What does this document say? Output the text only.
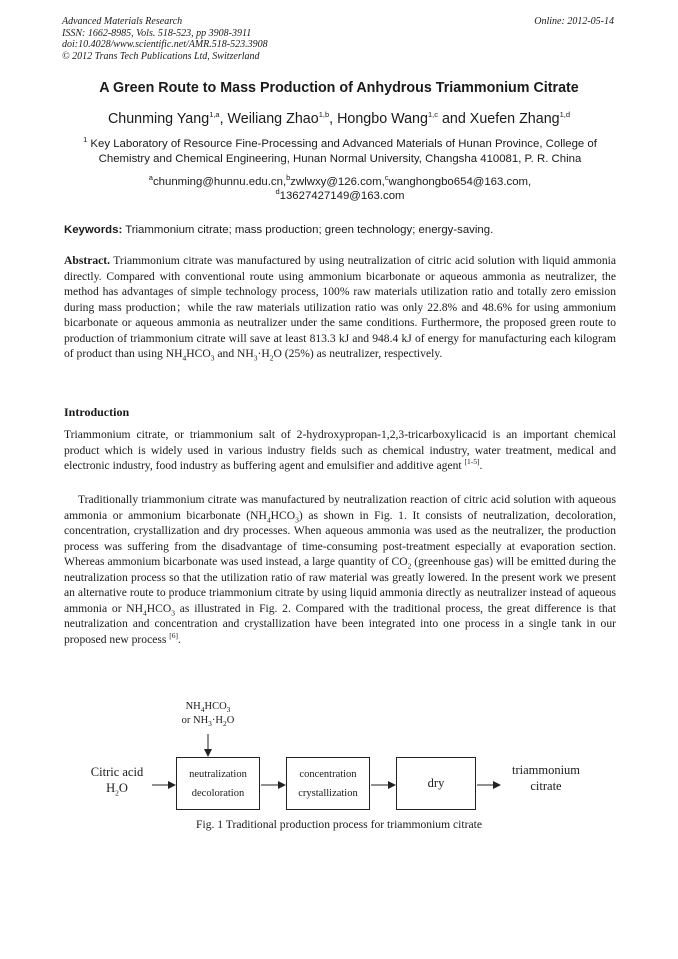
Advanced Materials Research
ISSN: 1662-8985, Vols. 518-523, pp 3908-3911
doi:10.4028/www.scientific.net/AMR.518-523.3908
© 2012 Trans Tech Publications Ltd, Switzerland
Online: 2012-05-14
A Green Route to Mass Production of Anhydrous Triammonium Citrate
Chunming Yang$^{1,a}$, Weiliang Zhao$^{1,b}$, Hongbo Wang$^{1,c}$ and Xuefen Zhang$^{1,d}$
$^1$ Key Laboratory of Resource Fine-Processing and Advanced Materials of Hunan Province, College of Chemistry and Chemical Engineering, Hunan Normal University, Changsha 410081, P. R. China
$^a$chunming@hunnu.edu.cn,$^b$zwlwxy@126.com,$^c$wanghongbo654@163.com,
$^d$13627427149@163.com
Keywords: Triammonium citrate; mass production; green technology; energy-saving.
Abstract. Triammonium citrate was manufactured by using neutralization of citric acid solution with liquid ammonia directly. Compared with conventional route using ammonium bicarbonate or aqueous ammonia as neutralizer, the method has advantages of simple technology process, 100% raw materials utilization ratio and totally zero emission during mass production；while the raw materials utilization ratio was only 22.8% and 48.6% for using ammonium bicarbonate or aqueous ammonia as neutralizer under the same conditions. Furthermore, the proposed green route to production of triammonium citrate will save at least 813.3 kJ and 948.4 kJ of energy for manufacturing each kilogram of product than using $NH_4HCO_3$ and $NH_3\cdot H_2O$ (25%) as neutralizer, respectively.
Introduction
Triammonium citrate, or triammonium salt of 2-hydroxypropan-1,2,3-tricarboxylicacid is an important chemical product which is widely used in various industry fields such as chemical industry, water treatment, medical and electronic industry, food industry as buffering agent and emulsifier and additive agent [1-5].
Traditionally triammonium citrate was manufactured by neutralization reaction of citric acid solution with aqueous ammonia or ammonium bicarbonate $(NH_4HCO_3)$ as shown in Fig. 1. It consists of neutralization, decoloration, concentration, crystallization and dry processes. When aqueous ammonia was used as the neutralizer, the production process was suffering from the disadvantage of time-consuming post-treatment especially at evaporation section. Whereas ammonium bicarbonate was used instead, a large quantity of $CO_2$ (greenhouse gas) will be emitted during the neutralization process so that the utilization ratio of raw material was greatly lowered. In the present work we present an alternative route to produce triammonium citrate by using liquid ammonia directly as neutralizer instead of aqueous ammonia or $NH_4HCO_3$ as illustrated in Fig. 2. Compared with the traditional process, the great difference is that neutralization and concentration and crystallization have been integrated into one process in a single tank in our proposed new process [6].
$NH_4HCO_3$
or $NH_3\cdot H_2O$
Citric acid
$H_2O$
neutralization
decoloration
concentration
crystallization
dry
triammonium
citrate
Fig. 1 Traditional production process for triammonium citrate
